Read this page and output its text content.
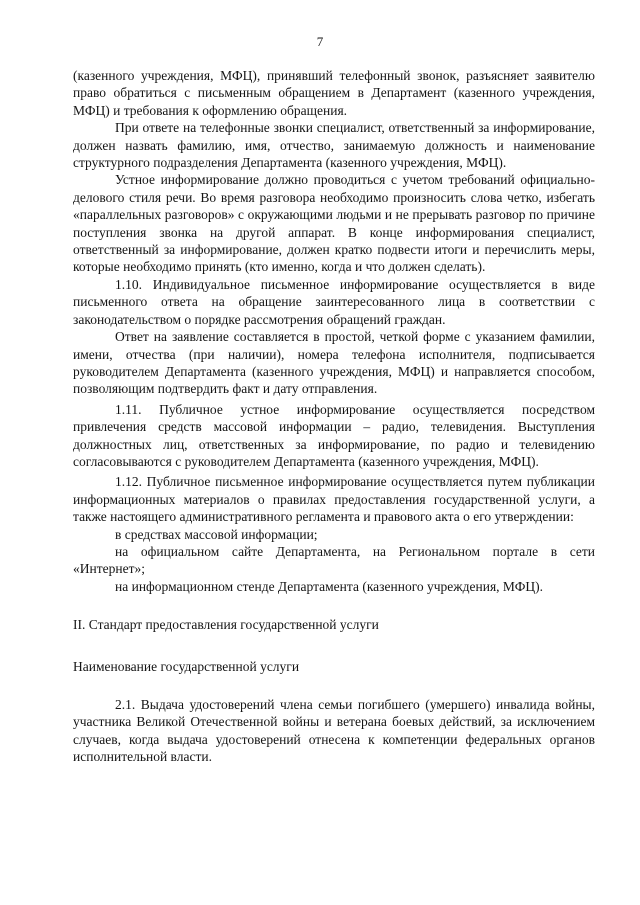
7

(казенного учреждения, МФЦ), принявший телефонный звонок, разъясняет заявителю право обратиться с письменным обращением в Департамент (казенного учреждения, МФЦ) и требования к оформлению обращения.

При ответе на телефонные звонки специалист, ответственный за информирование, должен назвать фамилию, имя, отчество, занимаемую должность и наименование структурного подразделения Департамента (казенного учреждения, МФЦ).

Устное информирование должно проводиться с учетом требований официально-делового стиля речи. Во время разговора необходимо произносить слова четко, избегать «параллельных разговоров» с окружающими людьми и не прерывать разговор по причине поступления звонка на другой аппарат. В конце информирования специалист, ответственный за информирование, должен кратко подвести итоги и перечислить меры, которые необходимо принять (кто именно, когда и что должен сделать).

1.10. Индивидуальное письменное информирование осуществляется в виде письменного ответа на обращение заинтересованного лица в соответствии с законодательством о порядке рассмотрения обращений граждан.

Ответ на заявление составляется в простой, четкой форме с указанием фамилии, имени, отчества (при наличии), номера телефона исполнителя, подписывается руководителем Департамента (казенного учреждения, МФЦ) и направляется способом, позволяющим подтвердить факт и дату отправления.

1.11. Публичное устное информирование осуществляется посредством привлечения средств массовой информации – радио, телевидения. Выступления должностных лиц, ответственных за информирование, по радио и телевидению согласовываются с руководителем Департамента (казенного учреждения, МФЦ).

1.12. Публичное письменное информирование осуществляется путем публикации информационных материалов о правилах предоставления государственной услуги, а также настоящего административного регламента и правового акта о его утверждении:

в средствах массовой информации;

на официальном сайте Департамента, на Региональном портале в сети «Интернет»;

на информационном стенде Департамента (казенного учреждения, МФЦ).

II. Стандарт предоставления государственной услуги

Наименование государственной услуги

2.1. Выдача удостоверений члена семьи погибшего (умершего) инвалида войны, участника Великой Отечественной войны и ветерана боевых действий, за исключением случаев, когда выдача удостоверений отнесена к компетенции федеральных органов исполнительной власти.
